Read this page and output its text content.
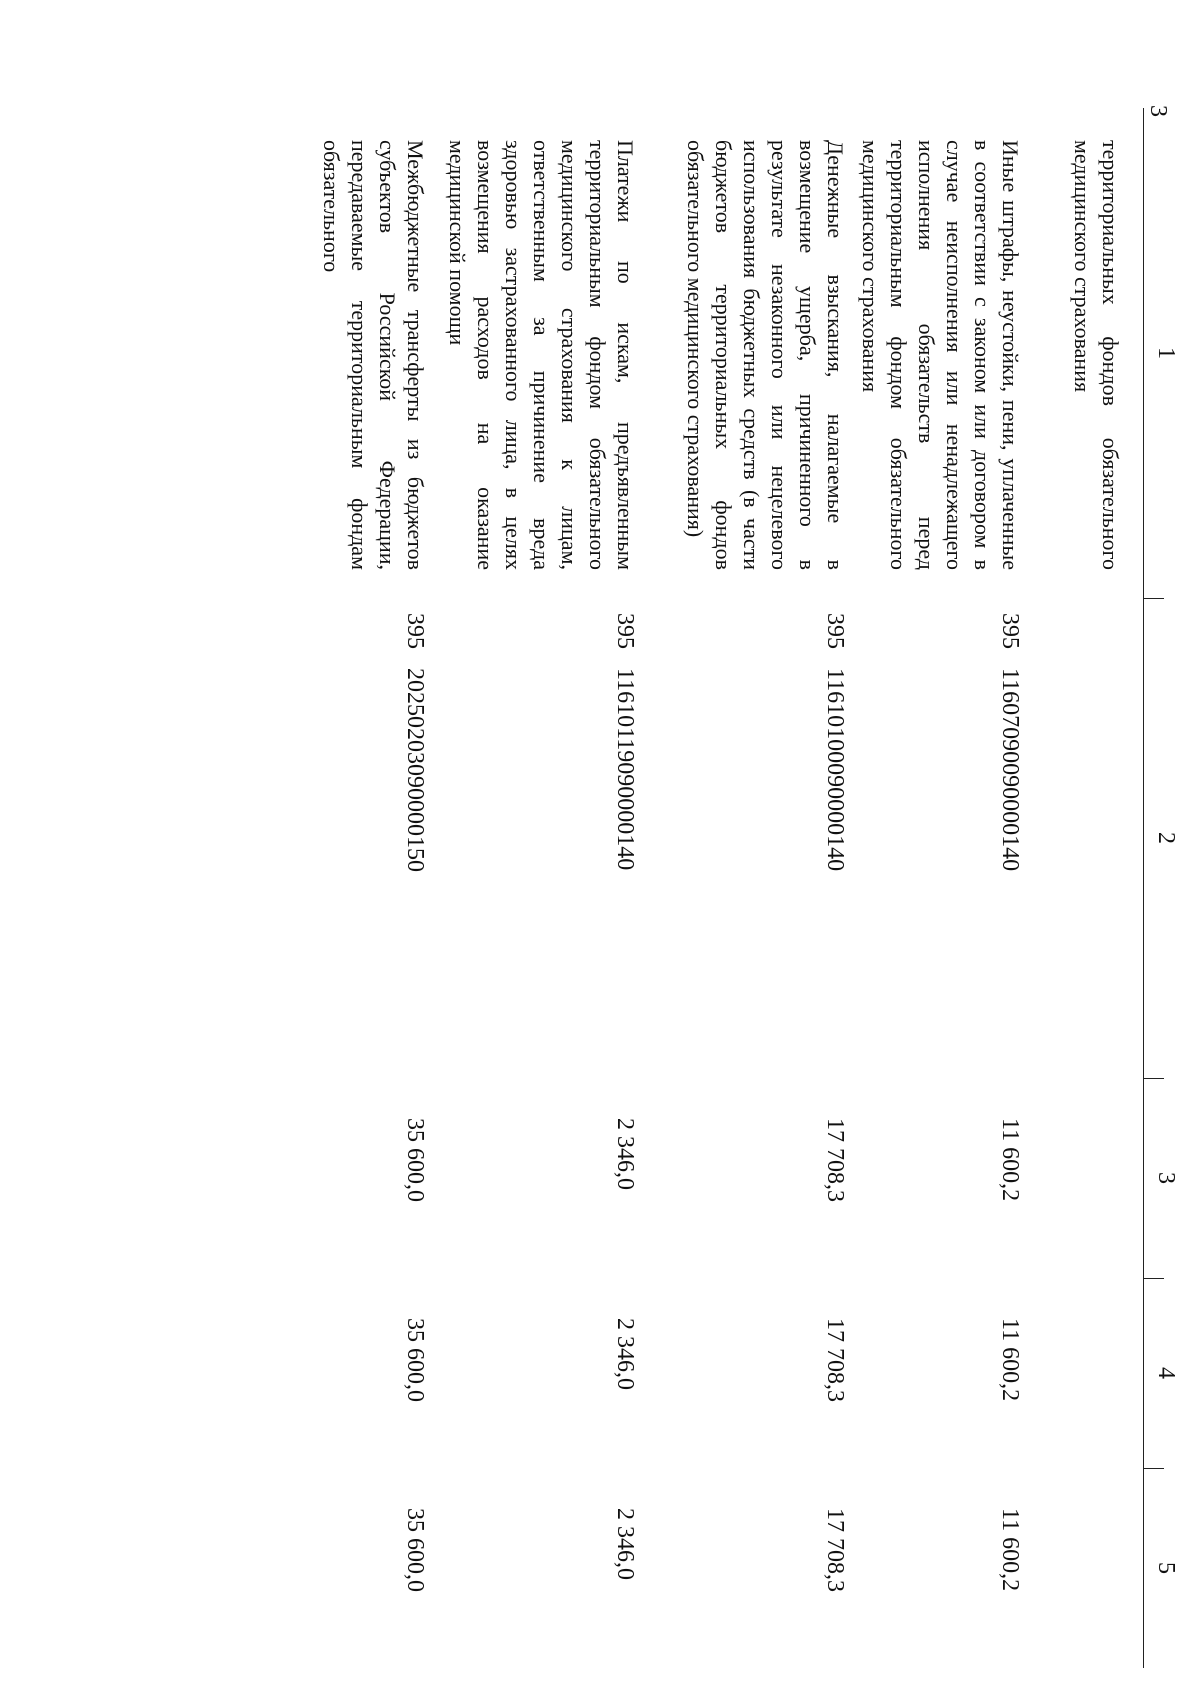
3
1
2
3
4
5
территориальных фондов обязательного медицинского страхования
Иные штрафы, неустойки, пени, уплаченные в соответствии с законом или договором в случае неисполнения или ненадлежащего исполнения обязательств перед территориальным фондом обязательного медицинского страхования
395
11607090090000140
11 600,2
11 600,2
11 600,2
Денежные взыскания, налагаемые в возмещение ущерба, причиненного в результате незаконного или нецелевого использования бюджетных средств (в части бюджетов территориальных фондов обязательного медицинского страхования)
395
11610100090000140
17 708,3
17 708,3
17 708,3
Платежи по искам, предъявленным территориальным фондом обязательного медицинского страхования к лицам, ответственным за причинение вреда здоровью застрахованного лица, в целях возмещения расходов на оказание медицинской помощи
395
11610119090000140
2 346,0
2 346,0
2 346,0
Межбюджетные трансферты из бюджетов субъектов Российской Федерации, передаваемые территориальным фондам обязательного
395
20250203090000150
35 600,0
35 600,0
35 600,0
